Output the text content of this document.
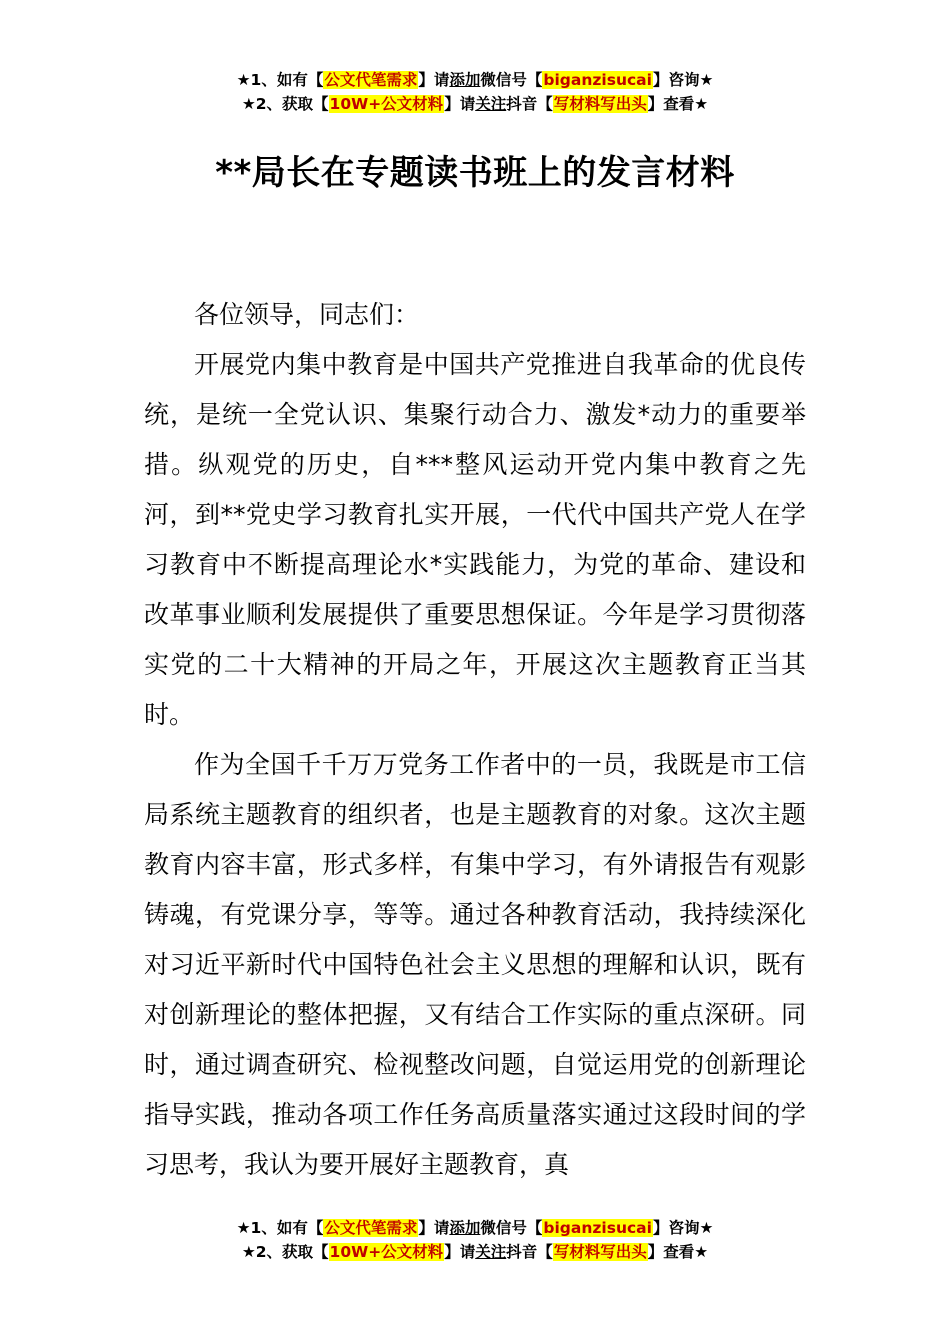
★1、如有【公文代笔需求】请添加微信号【biganzisucai】咨询★
★2、获取【10W+公文材料】请关注抖音【写材料写出头】查看★
**局长在专题读书班上的发言材料

各位领导，同志们：

开展党内集中教育是中国共产党推进自我革命的优良传统，是统一全党认识、集聚行动合力、激发*动力的重要举措。纵观党的历史，自***整风运动开党内集中教育之先河，到**党史学习教育扎实开展，一代代中国共产党人在学习教育中不断提高理论水*实践能力，为党的革命、建设和改革事业顺利发展提供了重要思想保证。今年是学习贯彻落实党的二十大精神的开局之年，开展这次主题教育正当其时。

作为全国千千万万党务工作者中的一员，我既是市工信局系统主题教育的组织者，也是主题教育的对象。这次主题教育内容丰富，形式多样，有集中学习，有外请报告有观影铸魂，有党课分享，等等。通过各种教育活动，我持续深化对习近平新时代中国特色社会主义思想的理解和认识，既有对创新理论的整体把握，又有结合工作实际的重点深研。同时，通过调查研究、检视整改问题，自觉运用党的创新理论指导实践，推动各项工作任务高质量落实通过这段时间的学习思考，我认为要开展好主题教育，真

★1、如有【公文代笔需求】请添加微信号【biganzisucai】咨询★
★2、获取【10W+公文材料】请关注抖音【写材料写出头】查看★
